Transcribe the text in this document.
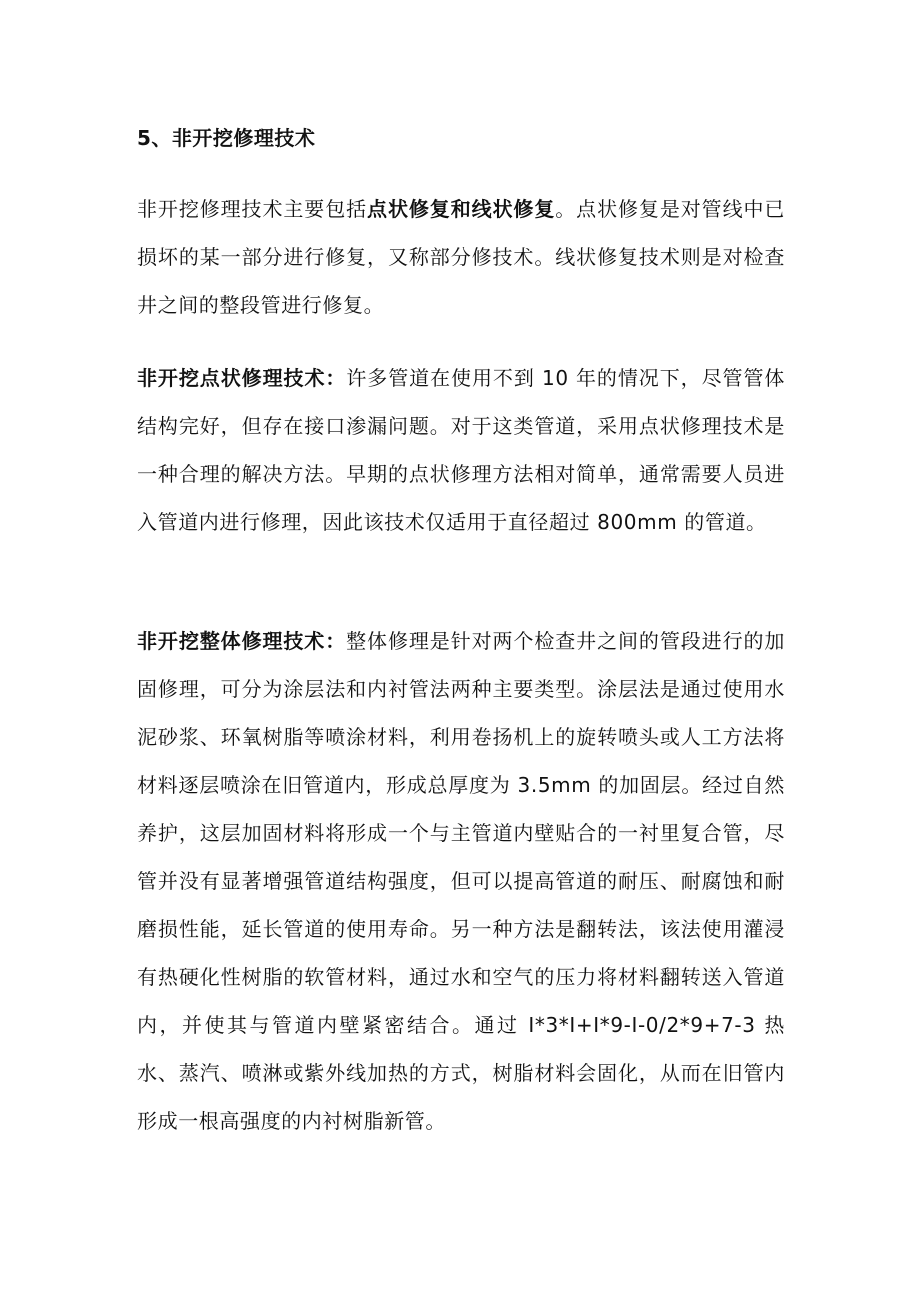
5、非开挖修理技术
非开挖修理技术主要包括点状修复和线状修复。点状修复是对管线中已损坏的某一部分进行修复，又称部分修技术。线状修复技术则是对检查井之间的整段管进行修复。
非开挖点状修理技术：许多管道在使用不到 10 年的情况下，尽管管体结构完好，但存在接口渗漏问题。对于这类管道，采用点状修理技术是一种合理的解决方法。早期的点状修理方法相对简单，通常需要人员进入管道内进行修理，因此该技术仅适用于直径超过 800mm 的管道。
非开挖整体修理技术：整体修理是针对两个检查井之间的管段进行的加固修理，可分为涂层法和内衬管法两种主要类型。涂层法是通过使用水泥砂浆、环氧树脂等喷涂材料，利用卷扬机上的旋转喷头或人工方法将材料逐层喷涂在旧管道内，形成总厚度为 3.5mm 的加固层。经过自然养护，这层加固材料将形成一个与主管道内壁贴合的一衬里复合管，尽管并没有显著增强管道结构强度，但可以提高管道的耐压、耐腐蚀和耐磨损性能，延长管道的使用寿命。另一种方法是翻转法，该法使用灌浸有热硬化性树脂的软管材料，通过水和空气的压力将材料翻转送入管道内，并使其与管道内壁紧密结合。通过 I*3*I+I*9-I-0/2*9+7-3 热水、蒸汽、喷淋或紫外线加热的方式，树脂材料会固化，从而在旧管内形成一根高强度的内衬树脂新管。
